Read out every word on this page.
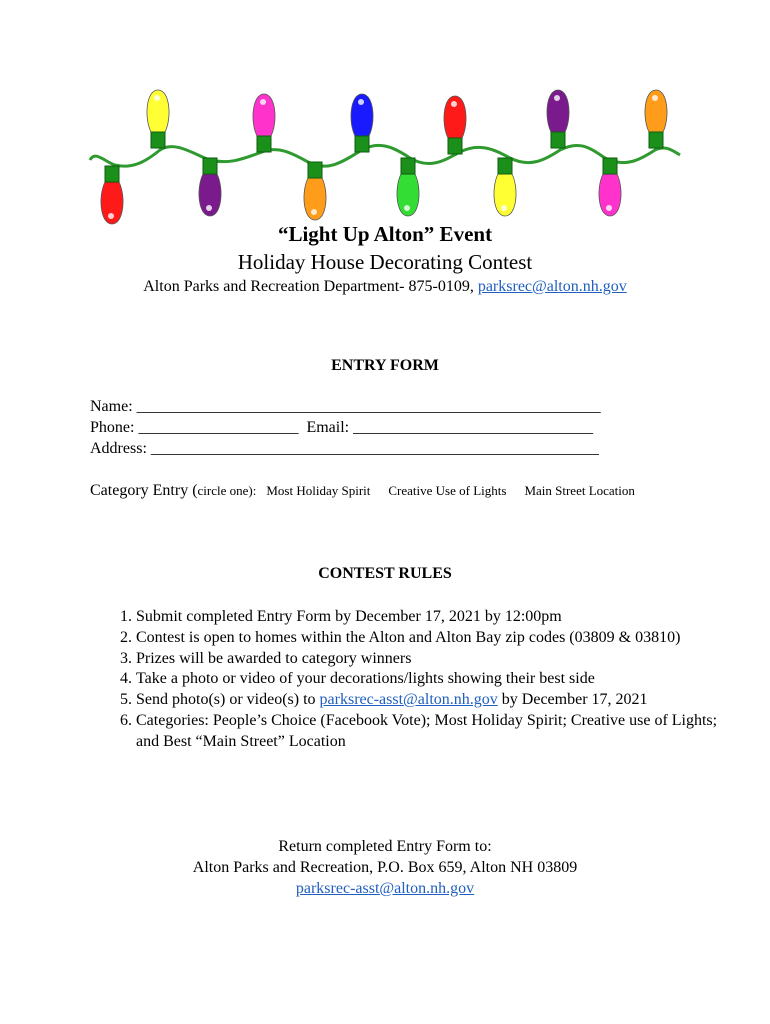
“Light Up Alton” Event
Holiday House Decorating Contest
Alton Parks and Recreation Department- 875-0109, parksrec@alton.nh.gov
ENTRY FORM
Name: __________________________________________________________
Phone: ____________________  Email: ______________________________
Address: ________________________________________________________
Category Entry (circle one): Most Holiday Spirit Creative Use of Lights Main Street Location
CONTEST RULES
1. Submit completed Entry Form by December 17, 2021 by 12:00pm
2. Contest is open to homes within the Alton and Alton Bay zip codes (03809 & 03810)
3. Prizes will be awarded to category winners
4. Take a photo or video of your decorations/lights showing their best side
5. Send photo(s) or video(s) to parksrec-asst@alton.nh.gov by December 17, 2021
6. Categories: People’s Choice (Facebook Vote); Most Holiday Spirit; Creative use of Lights; and Best “Main Street” Location
Return completed Entry Form to:
Alton Parks and Recreation, P.O. Box 659, Alton NH 03809
parksrec-asst@alton.nh.gov
